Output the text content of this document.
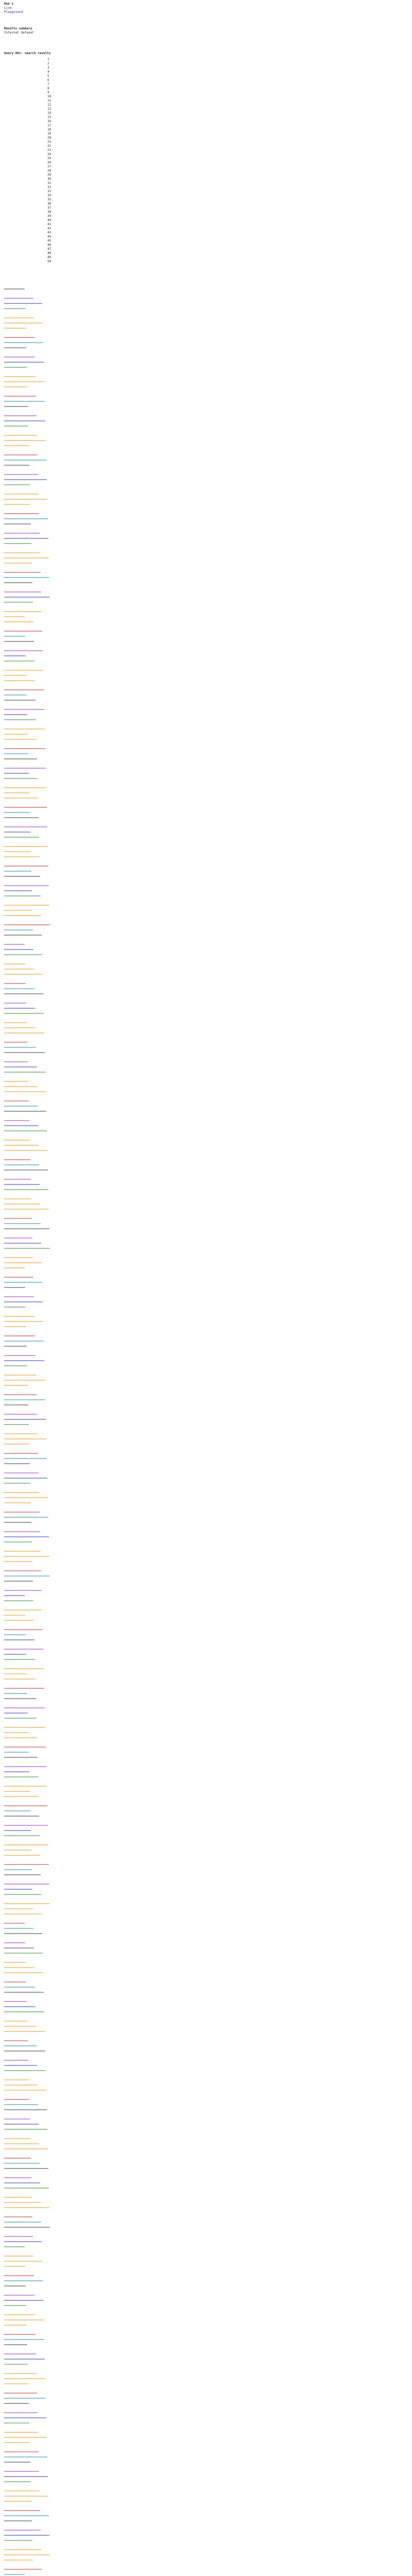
Run 1
Live
Playground
Results summary
Internal dataset
Query 001: search results
1
2
3
4
5
6
7
8
9
10
11
12
13
14
15
16
17
18
19
20
21
22
23
24
25
26
27
28
29
30
31
32
33
34
35
36
37
38
39
40
41
42
43
44
45
46
47
48
49
50
